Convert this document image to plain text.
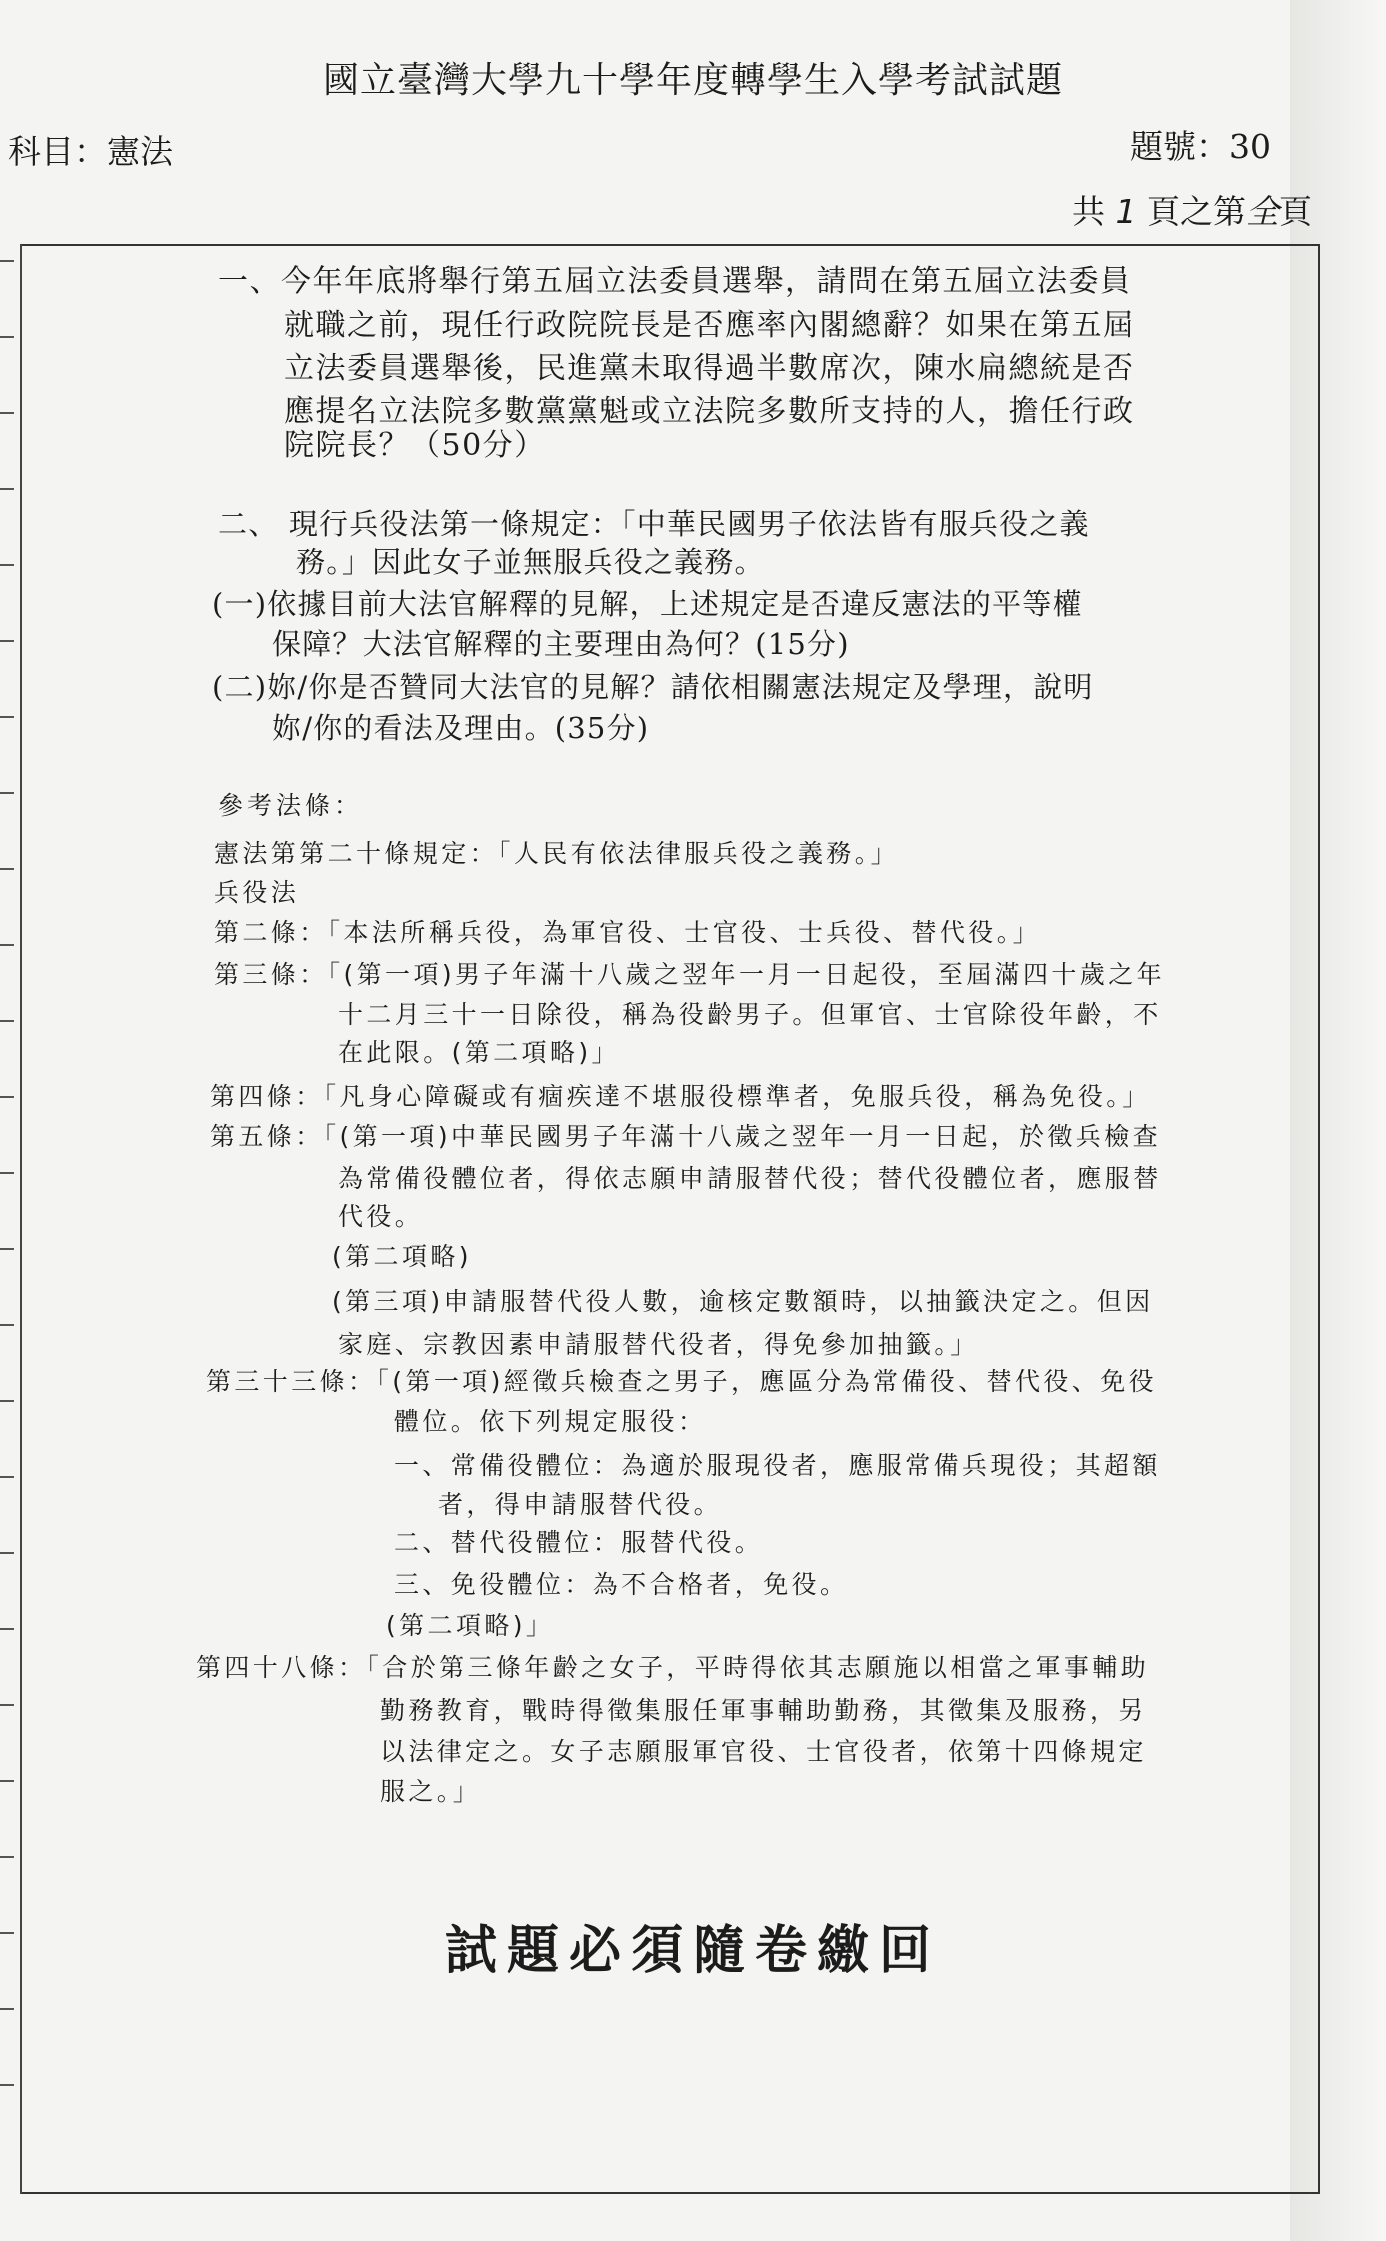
國立臺灣大學九十學年度轉學生入學考試試題
科目：憲法	題號：30
共 1 頁之第全頁
一、今年年底將舉行第五屆立法委員選舉，請問在第五屆立法委員
就職之前，現任行政院院長是否應率內閣總辭？如果在第五屆
立法委員選舉後，民進黨未取得過半數席次，陳水扁總統是否
應提名立法院多數黨黨魁或立法院多數所支持的人，擔任行政
院院長？（50分）
二、 現行兵役法第一條規定：「中華民國男子依法皆有服兵役之義
務。」因此女子並無服兵役之義務。
(一)依據目前大法官解釋的見解，上述規定是否違反憲法的平等權
保障？大法官解釋的主要理由為何？(15分)
(二)妳/你是否贊同大法官的見解？請依相關憲法規定及學理，說明
妳/你的看法及理由。(35分)
參考法條：
憲法第第二十條規定：「人民有依法律服兵役之義務。」
兵役法
第二條：「本法所稱兵役，為軍官役、士官役、士兵役、替代役。」
第三條：「(第一項)男子年滿十八歲之翌年一月一日起役，至屆滿四十歲之年
十二月三十一日除役，稱為役齡男子。但軍官、士官除役年齡，不
在此限。(第二項略)」
第四條：「凡身心障礙或有痼疾達不堪服役標準者，免服兵役，稱為免役。」
第五條：「(第一項)中華民國男子年滿十八歲之翌年一月一日起，於徵兵檢查
為常備役體位者，得依志願申請服替代役；替代役體位者，應服替
代役。
(第二項略)
(第三項)申請服替代役人數，逾核定數額時，以抽籤決定之。但因
家庭、宗教因素申請服替代役者，得免參加抽籤。」
第三十三條：「(第一項)經徵兵檢查之男子，應區分為常備役、替代役、免役
體位。依下列規定服役：
一、常備役體位：為適於服現役者，應服常備兵現役；其超額
者，得申請服替代役。
二、替代役體位：服替代役。
三、免役體位：為不合格者，免役。
(第二項略)」
第四十八條：「合於第三條年齡之女子，平時得依其志願施以相當之軍事輔助
勤務教育，戰時得徵集服任軍事輔助勤務，其徵集及服務，另
以法律定之。女子志願服軍官役、士官役者，依第十四條規定
服之。」
試題必須隨卷繳回
